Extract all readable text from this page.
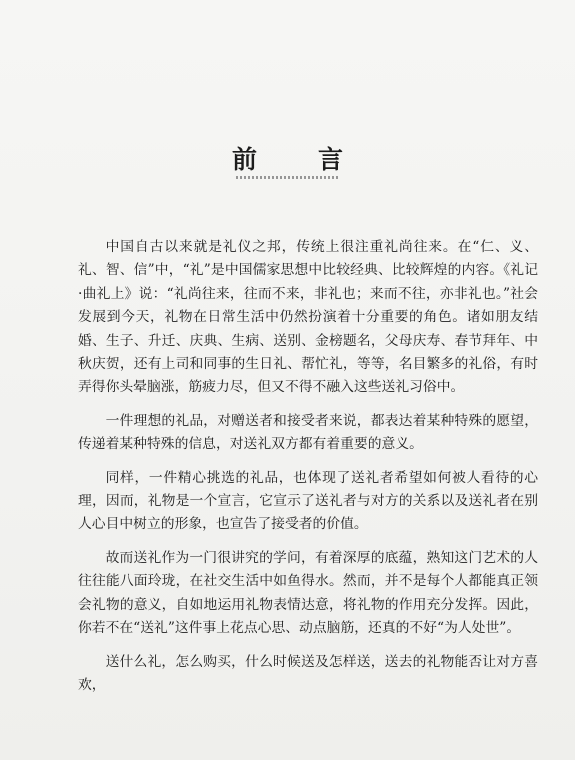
前　言

中国自古以来就是礼仪之邦，传统上很注重礼尚往来。在“仁、义、礼、智、信”中，“礼”是中国儒家思想中比较经典、比较辉煌的内容。《礼记·曲礼上》说：“礼尚往来，往而不来，非礼也；来而不往，亦非礼也。”社会发展到今天，礼物在日常生活中仍然扮演着十分重要的角色。诸如朋友结婚、生子、升迁、庆典、生病、送别、金榜题名，父母庆寿、春节拜年、中秋庆贺，还有上司和同事的生日礼、帮忙礼，等等，名目繁多的礼俗，有时弄得你头晕脑涨，筋疲力尽，但又不得不融入这些送礼习俗中。

一件理想的礼品，对赠送者和接受者来说，都表达着某种特殊的愿望，传递着某种特殊的信息，对送礼双方都有着重要的意义。

同样，一件精心挑选的礼品，也体现了送礼者希望如何被人看待的心理，因而，礼物是一个宣言，它宣示了送礼者与对方的关系以及送礼者在别人心目中树立的形象，也宣告了接受者的价值。

故而送礼作为一门很讲究的学问，有着深厚的底蕴，熟知这门艺术的人往往能八面玲珑，在社交生活中如鱼得水。然而，并不是每个人都能真正领会礼物的意义，自如地运用礼物表情达意，将礼物的作用充分发挥。因此，你若不在“送礼”这件事上花点心思、动点脑筋，还真的不好“为人处世”。

送什么礼，怎么购买，什么时候送及怎样送，送去的礼物能否让对方喜欢，
